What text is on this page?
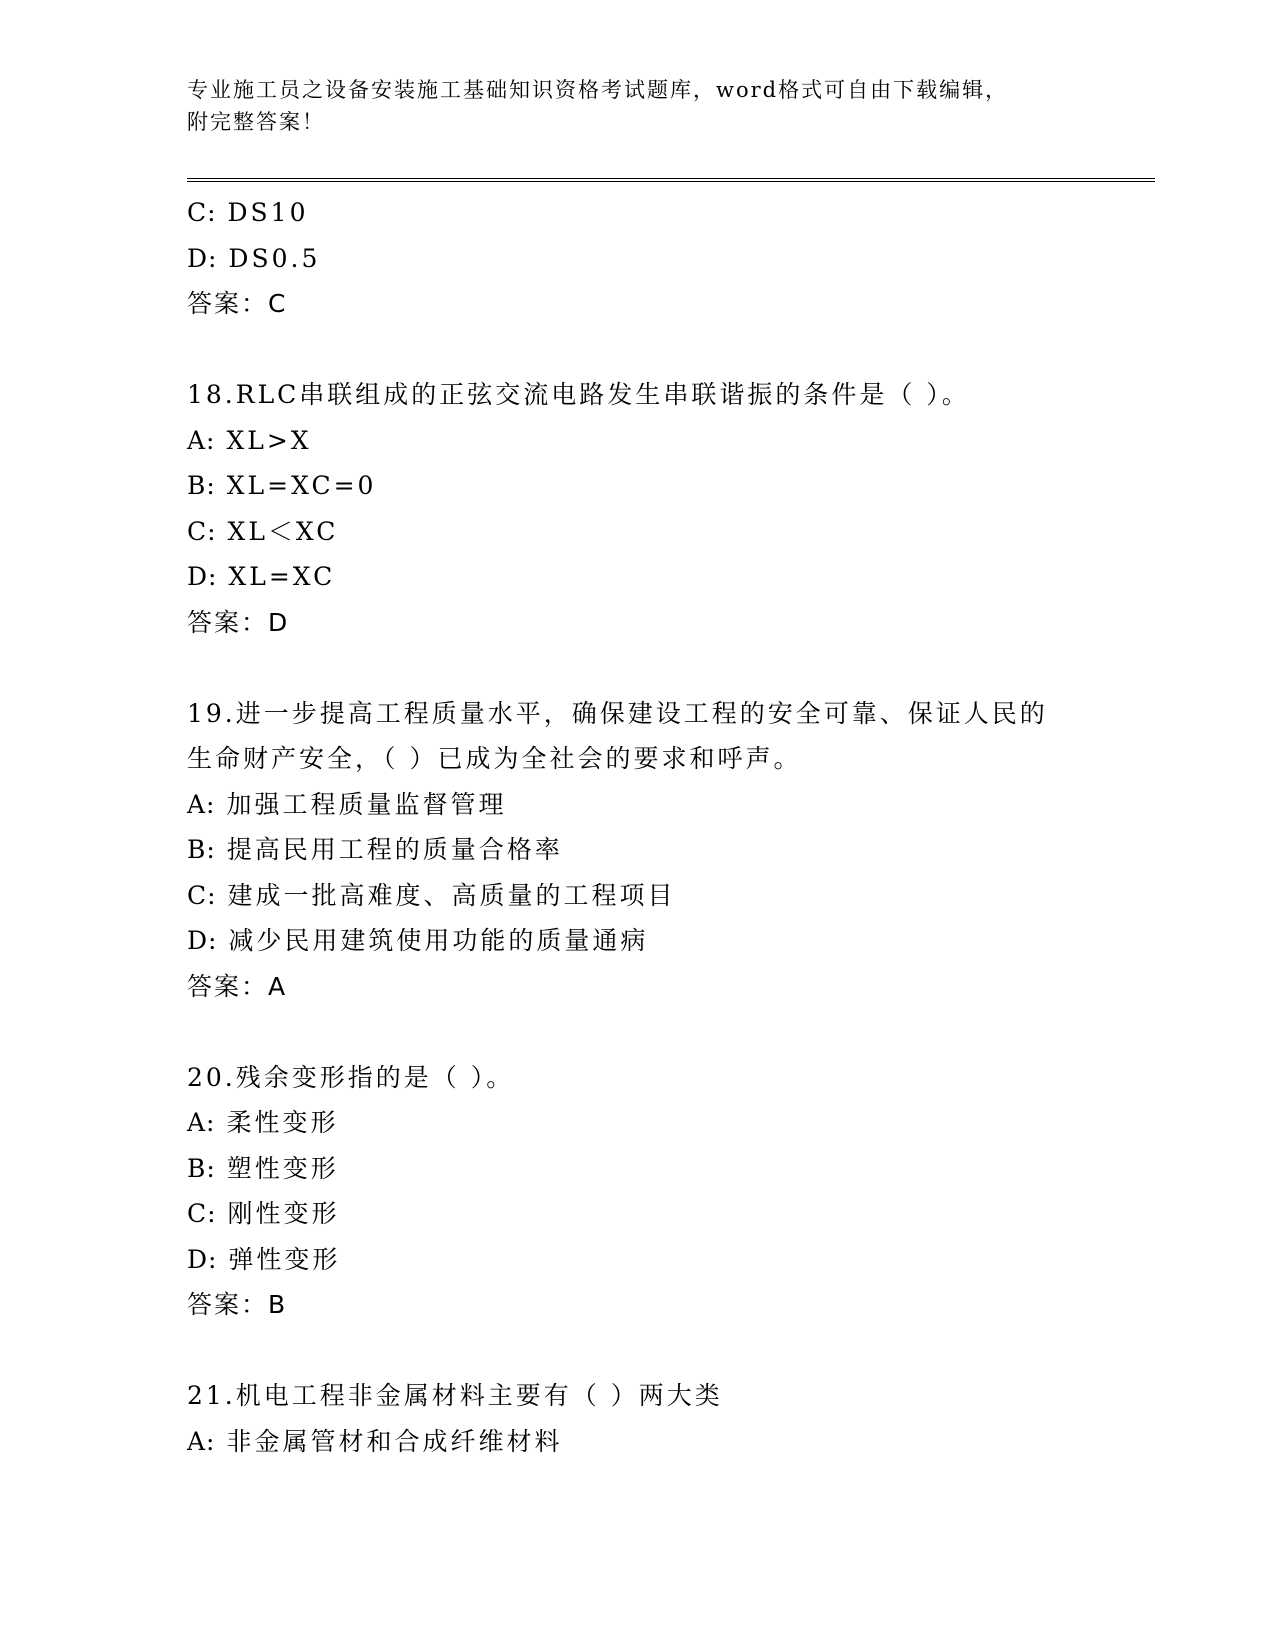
专业施工员之设备安装施工基础知识资格考试题库，word格式可自由下载编辑，
附完整答案！
C: DS10
D: DS0.5
答案：C
18.RLC串联组成的正弦交流电路发生串联谐振的条件是（ ）。
A: XL>X
B: XL=XC=0
C: XL＜XC
D: XL=XC
答案：D
19.进一步提高工程质量水平，确保建设工程的安全可靠、保证人民的
生命财产安全，（ ）已成为全社会的要求和呼声。
A: 加强工程质量监督管理
B: 提高民用工程的质量合格率
C: 建成一批高难度、高质量的工程项目
D: 减少民用建筑使用功能的质量通病
答案：A
20.残余变形指的是（ ）。
A: 柔性变形
B: 塑性变形
C: 刚性变形
D: 弹性变形
答案：B
21.机电工程非金属材料主要有（ ）两大类
A: 非金属管材和合成纤维材料
